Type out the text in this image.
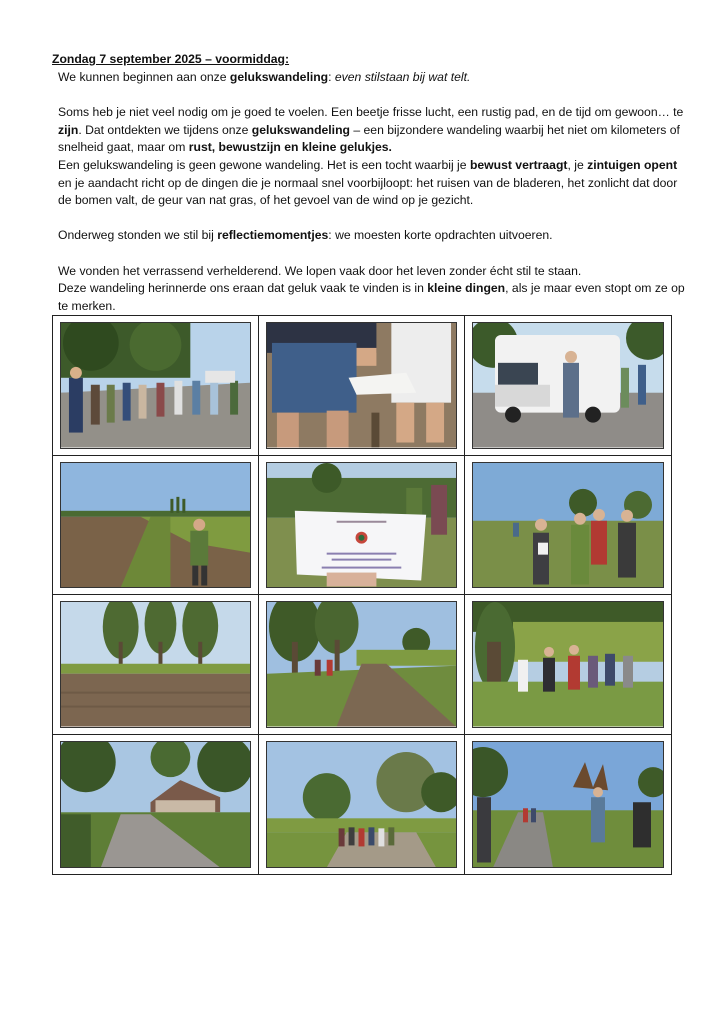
Zondag 7 september 2025 – voormiddag:

We kunnen beginnen aan onze gelukswandeling: even stilstaan bij wat telt.

Soms heb je niet veel nodig om je goed te voelen. Een beetje frisse lucht, een rustig pad, en de tijd om gewoon… te zijn. Dat ontdekten we tijdens onze gelukswandeling – een bijzondere wandeling waarbij het niet om kilometers of snelheid gaat, maar om rust, bewustzijn en kleine gelukjes.

Een gelukswandeling is geen gewone wandeling. Het is een tocht waarbij je bewust vertraagt, je zintuigen opent en je aandacht richt op de dingen die je normaal snel voorbijloopt: het ruisen van de bladeren, het zonlicht dat door de bomen valt, de geur van nat gras, of het gevoel van de wind op je gezicht.

Onderweg stonden we stil bij reflectiemomentjes: we moesten korte opdrachten uitvoeren.

We vonden het verrassend verhelderend. We lopen vaak door het leven zonder écht stil te staan.

Deze wandeling herinnerde ons eraan dat geluk vaak te vinden is in kleine dingen, als je maar even stopt om ze op te merken.
